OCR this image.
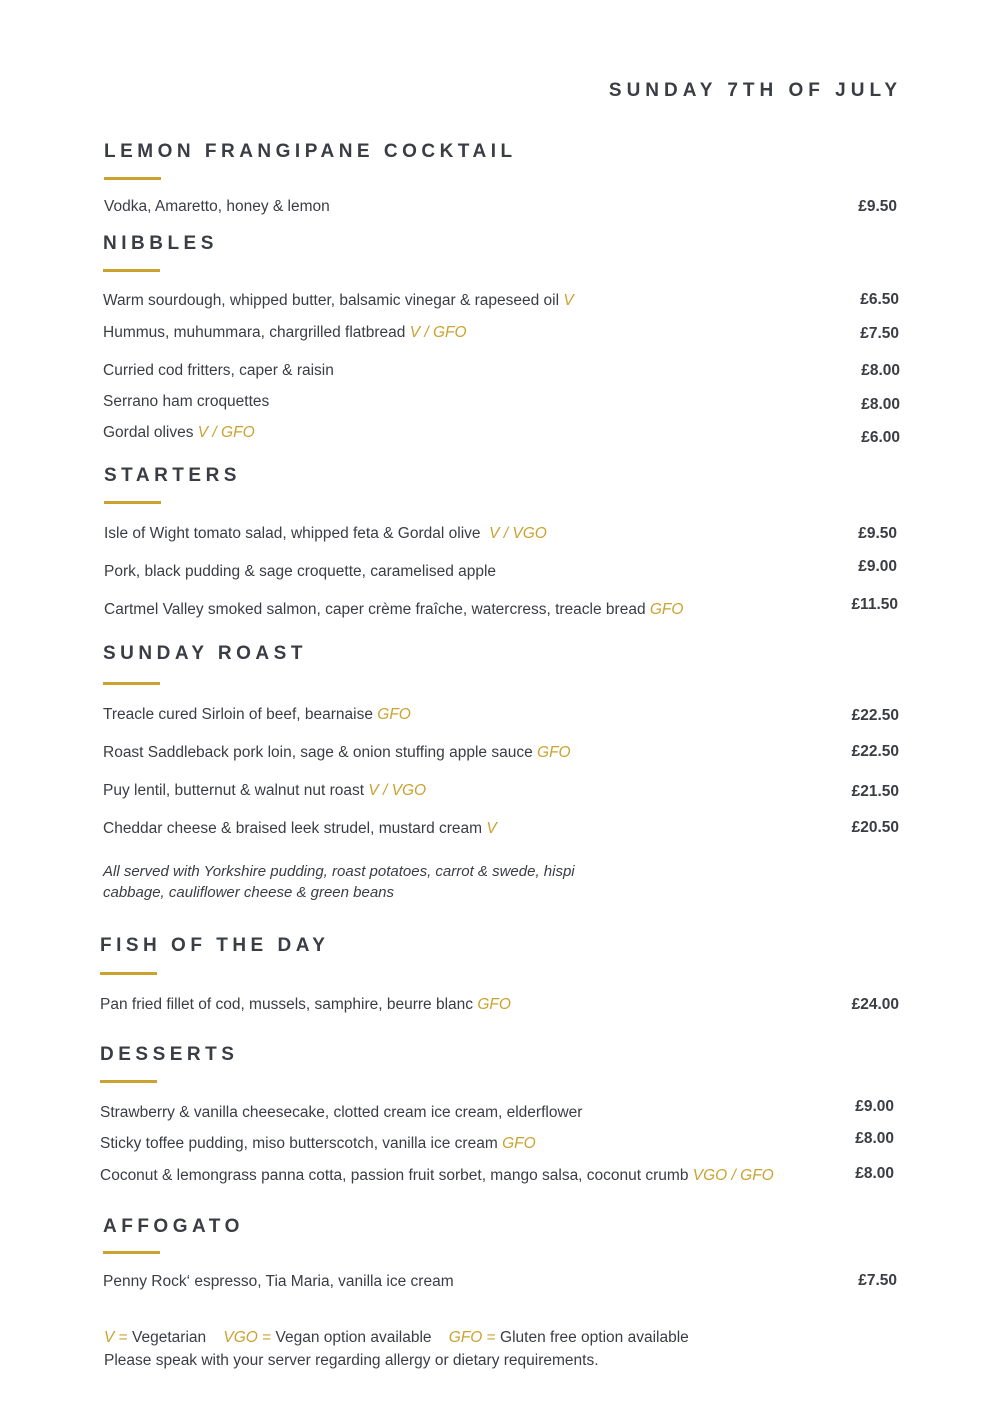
SUNDAY 7TH OF JULY
LEMON FRANGIPANE COCKTAIL
Vodka, Amaretto, honey & lemon	£9.50
NIBBLES
Warm sourdough, whipped butter, balsamic vinegar & rapeseed oil V	£6.50
Hummus, muhummara, chargrilled flatbread V / GFO	£7.50
Curried cod fritters, caper & raisin	£8.00
Serrano ham croquettes	£8.00
Gordal olives V / GFO	£6.00
STARTERS
Isle of Wight tomato salad, whipped feta & Gordal olive V / VGO	£9.50
Pork, black pudding & sage croquette, caramelised apple	£9.00
Cartmel Valley smoked salmon, caper crème fraîche, watercress, treacle bread GFO	£11.50
SUNDAY ROAST
Treacle cured Sirloin of beef, bearnaise GFO	£22.50
Roast Saddleback pork loin, sage & onion stuffing apple sauce GFO	£22.50
Puy lentil, butternut & walnut nut roast V / VGO	£21.50
Cheddar cheese & braised leek strudel, mustard cream V	£20.50
All served with Yorkshire pudding, roast potatoes, carrot & swede, hispi
cabbage, cauliflower cheese & green beans
FISH OF THE DAY
Pan fried fillet of cod, mussels, samphire, beurre blanc GFO	£24.00
DESSERTS
Strawberry & vanilla cheesecake, clotted cream ice cream, elderflower	£9.00
Sticky toffee pudding, miso butterscotch, vanilla ice cream GFO	£8.00
Coconut & lemongrass panna cotta, passion fruit sorbet, mango salsa, coconut crumb VGO / GFO	£8.00
AFFOGATO
Penny Rock‘ espresso, Tia Maria, vanilla ice cream	£7.50
V = Vegetarian VGO = Vegan option available GFO = Gluten free option available
Please speak with your server regarding allergy or dietary requirements.
